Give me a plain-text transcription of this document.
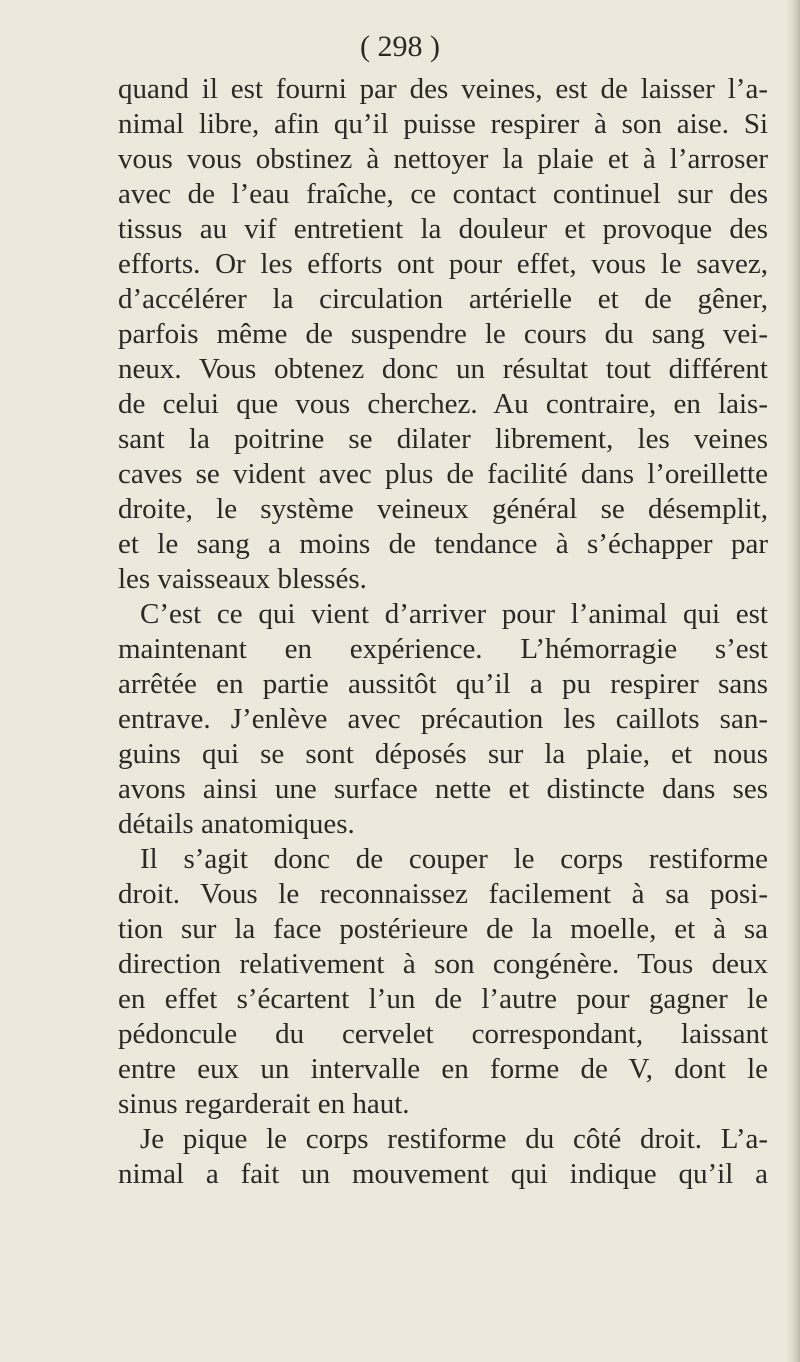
( 298 )
quand il est fourni par des veines, est de laisser l’a-
nimal libre, afin qu’il puisse respirer à son aise. Si
vous vous obstinez à nettoyer la plaie et à l’arroser
avec de l’eau fraîche, ce contact continuel sur des
tissus au vif entretient la douleur et provoque des
efforts. Or les efforts ont pour effet, vous le savez,
d’accélérer la circulation artérielle et de gêner,
parfois même de suspendre le cours du sang vei-
neux. Vous obtenez donc un résultat tout différent
de celui que vous cherchez. Au contraire, en lais-
sant la poitrine se dilater librement, les veines
caves se vident avec plus de facilité dans l’oreillette
droite, le système veineux général se désemplit,
et le sang a moins de tendance à s’échapper par
les vaisseaux blessés.
C’est ce qui vient d’arriver pour l’animal qui est
maintenant en expérience. L’hémorragie s’est
arrêtée en partie aussitôt qu’il a pu respirer sans
entrave. J’enlève avec précaution les caillots san-
guins qui se sont déposés sur la plaie, et nous
avons ainsi une surface nette et distincte dans ses
détails anatomiques.
Il s’agit donc de couper le corps restiforme
droit. Vous le reconnaissez facilement à sa posi-
tion sur la face postérieure de la moelle, et à sa
direction relativement à son congénère. Tous deux
en effet s’écartent l’un de l’autre pour gagner le
pédoncule du cervelet correspondant, laissant
entre eux un intervalle en forme de V, dont le
sinus regarderait en haut.
Je pique le corps restiforme du côté droit. L’a-
nimal a fait un mouvement qui indique qu’il a
